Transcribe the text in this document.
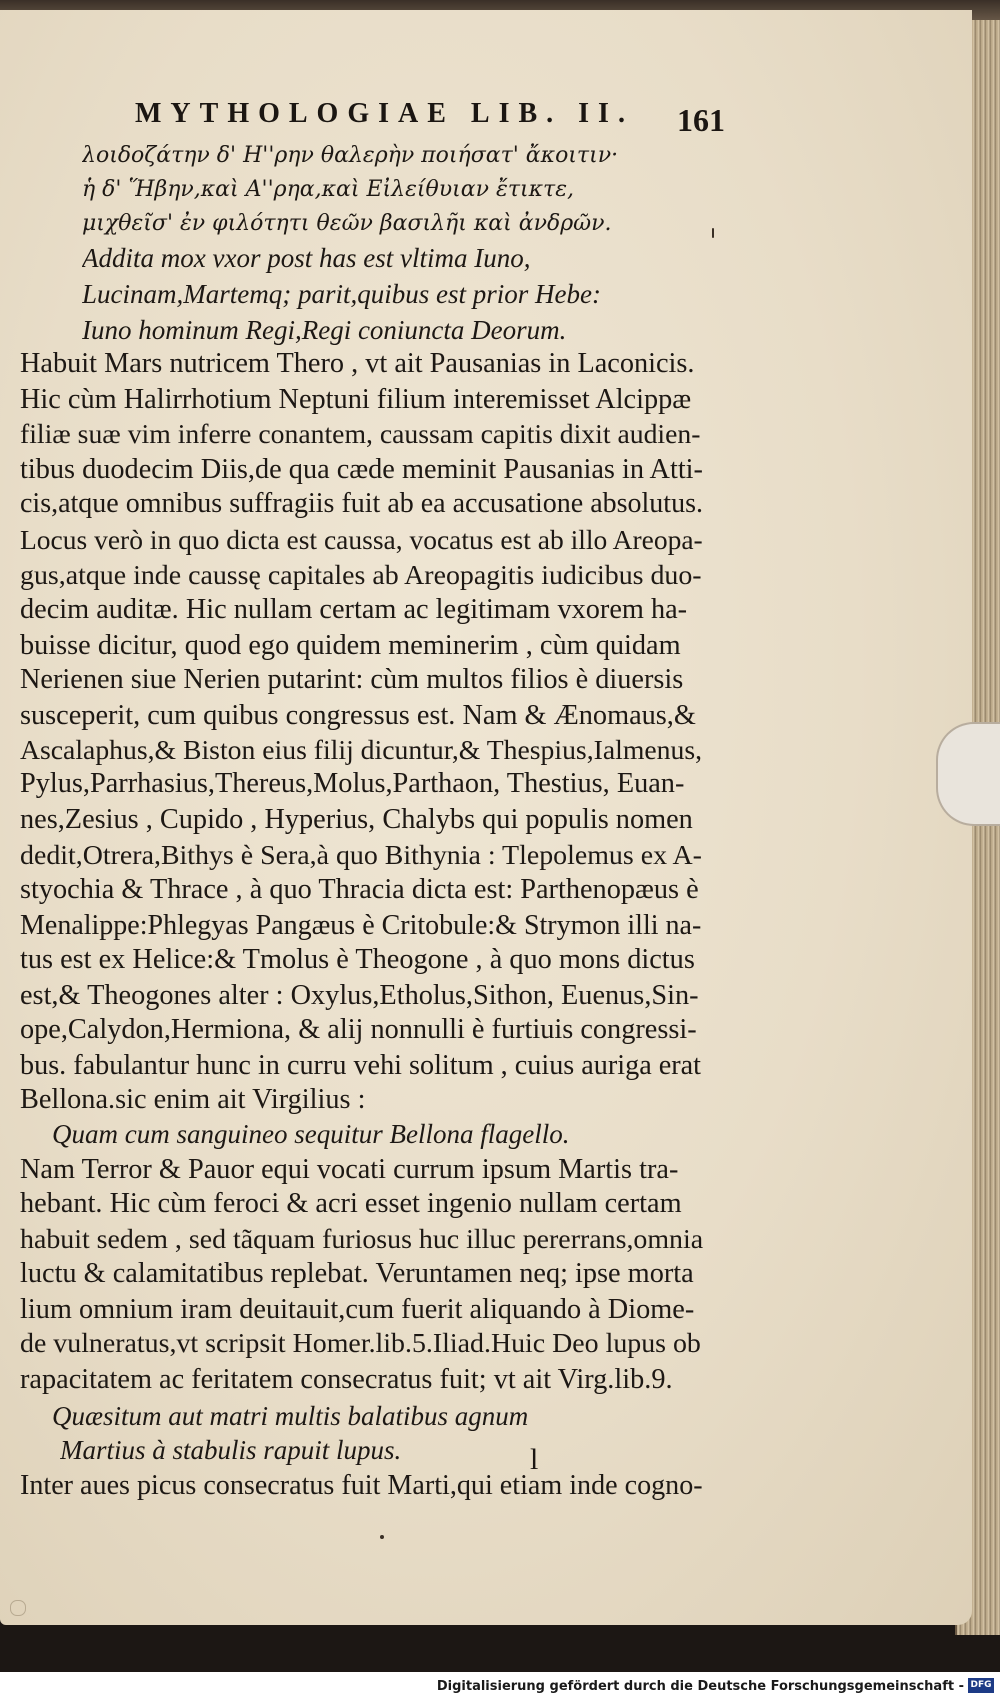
MYTHOLOGIAE LIB. II.	161
λοιδοζάτην δ' Η''ρην θαλερὴν ποιήσατ' ἄκοιτιν·
ἡ δ' Ἥβην,καὶ Α''ρηα,καὶ Εἰλείθυιαν ἔτικτε,
μιχθεῖσ' ἐν φιλότητι θεῶν βασιλῆι καὶ ἀνδρῶν.
Addita mox vxor post has est vltima Iuno,
Lucinam,Martemq; parit,quibus est prior Hebe:
Iuno hominum Regi,Regi coniuncta Deorum.
Habuit Mars nutricem Thero , vt ait Pausanias in Laconicis.
Hic cùm Halirrhotium Neptuni filium interemisset Alcippæ
filiæ suæ vim inferre conantem, caussam capitis dixit audien-
tibus duodecim Diis,de qua cæde meminit Pausanias in Atti-
cis,atque omnibus suffragiis fuit ab ea accusatione absolutus.
Locus verò in quo dicta est caussa, vocatus est ab illo Areopa-
gus,atque inde caussę capitales ab Areopagitis iudicibus duo-
decim auditæ. Hic nullam certam ac legitimam vxorem ha-
buisse dicitur, quod ego quidem meminerim , cùm quidam
Nerienen siue Nerien putarint: cùm multos filios è diuersis
susceperit, cum quibus congressus est. Nam & Ænomaus,&
Ascalaphus,& Biston eius filij dicuntur,& Thespius,Ialmenus,
Pylus,Parrhasius,Thereus,Molus,Parthaon, Thestius, Euan-
nes,Zesius , Cupido , Hyperius, Chalybs qui populis nomen
dedit,Otrera,Bithys è Sera,à quo Bithynia : Tlepolemus ex A-
styochia & Thrace , à quo Thracia dicta est: Parthenopæus è
Menalippe:Phlegyas Pangæus è Critobule:& Strymon illi na-
tus est ex Helice:& Tmolus è Theogone , à quo mons dictus
est,& Theogones alter : Oxylus,Etholus,Sithon, Euenus,Sin-
ope,Calydon,Hermiona, & alij nonnulli è furtiuis congressi-
bus. fabulantur hunc in curru vehi solitum , cuius auriga erat
Bellona.sic enim ait Virgilius :
Quam cum sanguineo sequitur Bellona flagello.
Nam Terror & Pauor equi vocati currum ipsum Martis tra-
hebant. Hic cùm feroci & acri esset ingenio nullam certam
habuit sedem , sed tãquam furiosus huc illuc pererrans,omnia
luctu & calamitatibus replebat. Veruntamen neq; ipse morta
lium omnium iram deuitauit,cum fuerit aliquando à Diome-
de vulneratus,vt scripsit Homer.lib.5.Iliad.Huic Deo lupus ob
rapacitatem ac feritatem consecratus fuit; vt ait Virg.lib.9.
Quæsitum aut matri multis balatibus agnum
Martius à stabulis rapuit lupus.
Inter aues picus consecratus fuit Marti,qui etiam inde cogno-
l
Digitalisierung gefördert durch die Deutsche Forschungsgemeinschaft - DFG
